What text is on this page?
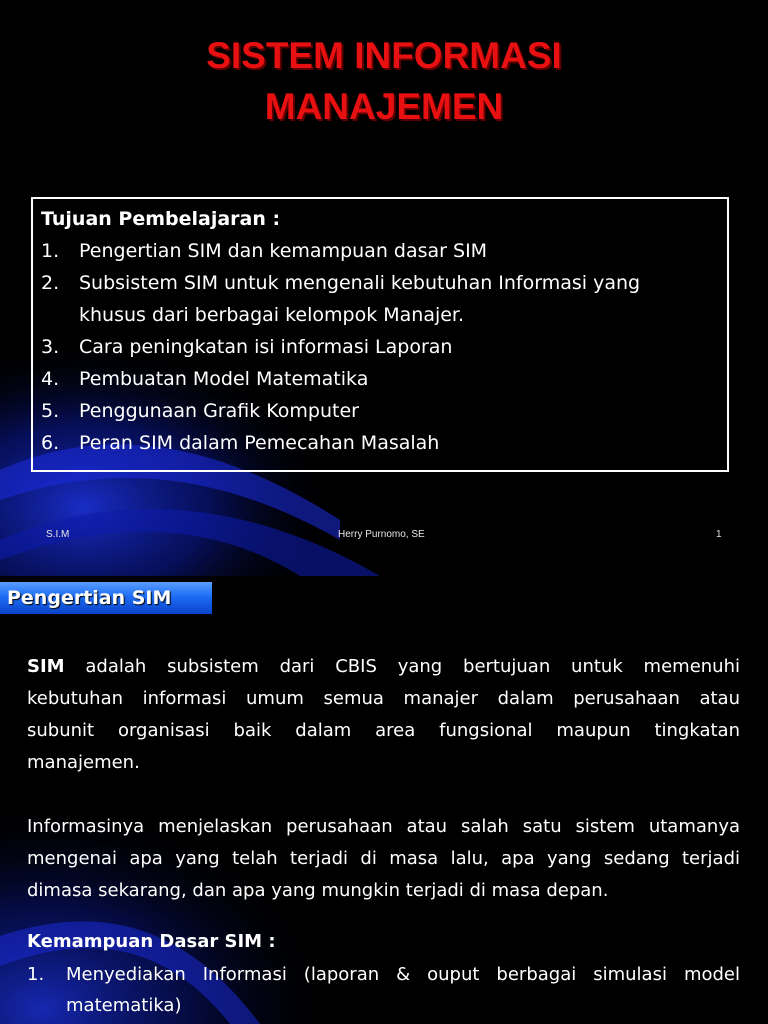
SISTEM INFORMASI
MANAJEMEN
Tujuan Pembelajaran :
1. Pengertian SIM dan kemampuan dasar SIM
2. Subsistem SIM untuk mengenali kebutuhan Informasi yang
khusus dari berbagai kelompok Manajer.
3. Cara peningkatan isi informasi Laporan
4. Pembuatan Model Matematika
5. Penggunaan Grafik Komputer
6. Peran SIM dalam Pemecahan Masalah
S.I.M	Herry Purnomo, SE	1
Pengertian SIM
SIM adalah subsistem dari CBIS yang bertujuan untuk memenuhi
kebutuhan informasi umum semua manajer dalam perusahaan atau
subunit organisasi baik dalam area fungsional maupun tingkatan
manajemen.
Informasinya menjelaskan perusahaan atau salah satu sistem utamanya
mengenai apa yang telah terjadi di masa lalu, apa yang sedang terjadi
dimasa sekarang, dan apa yang mungkin terjadi di masa depan.
Kemampuan Dasar SIM :
1.	Menyediakan Informasi (laporan & ouput berbagai simulasi model
matematika)
